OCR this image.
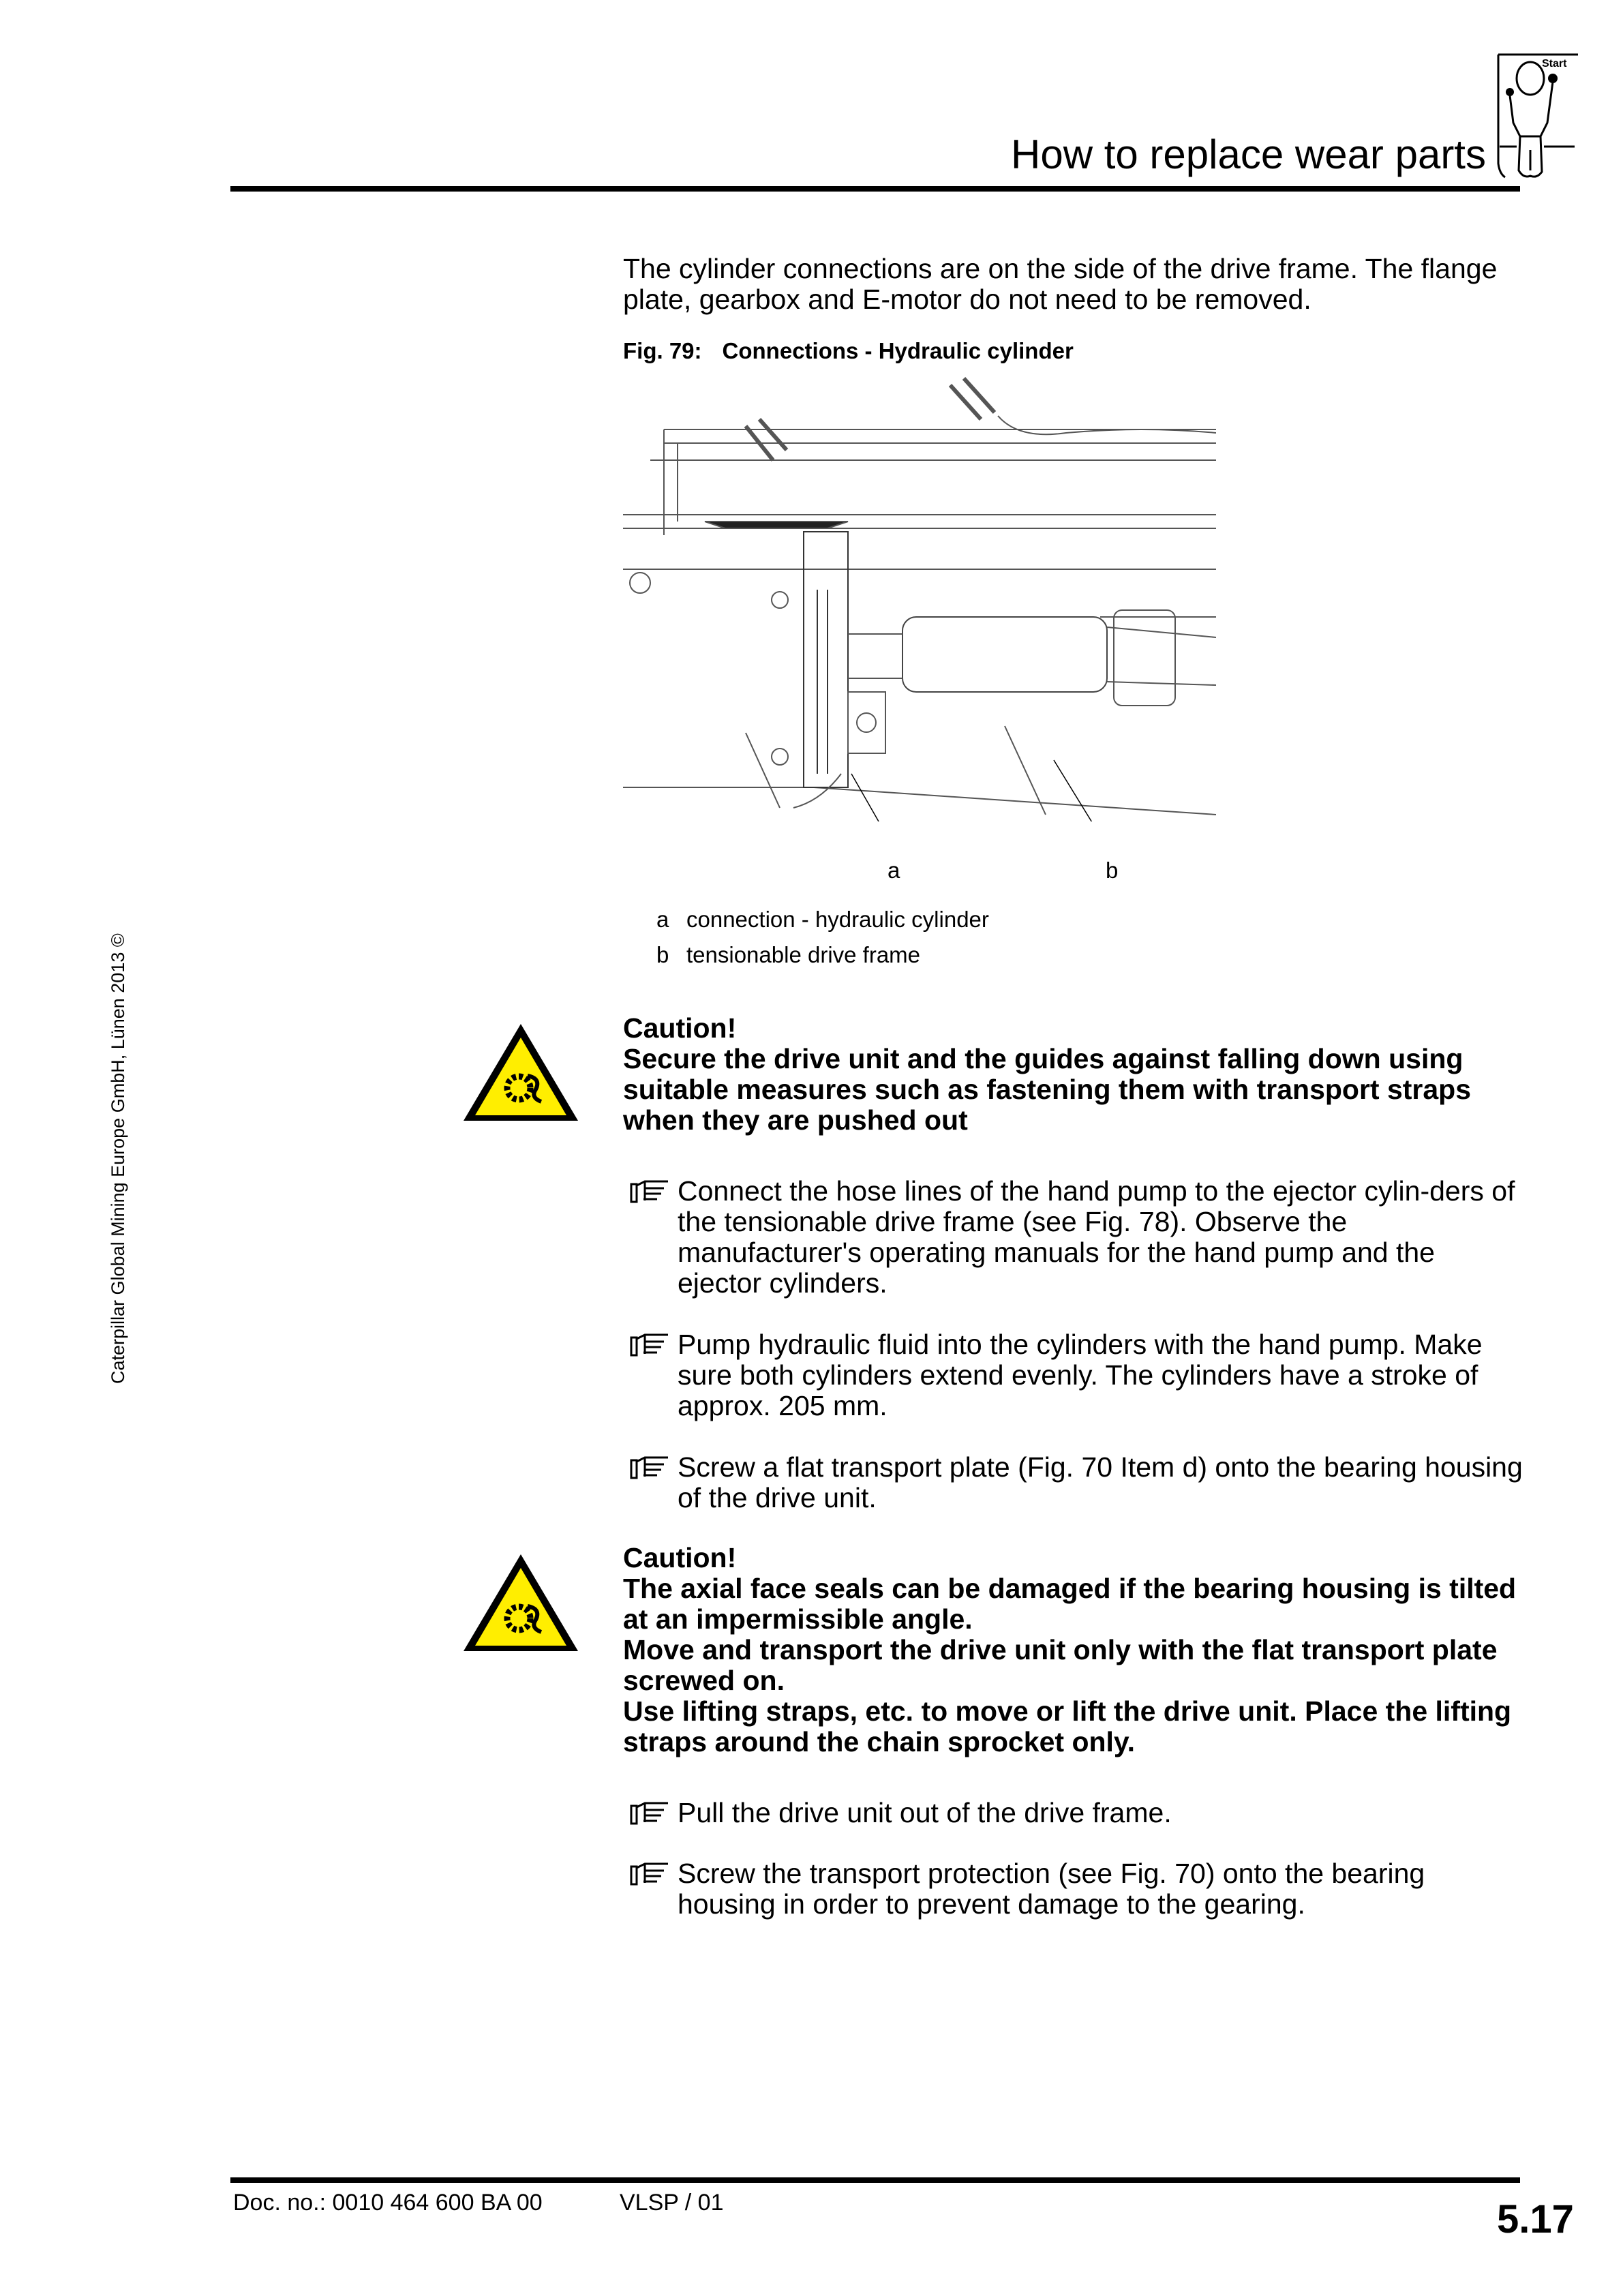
How to replace wear parts
Start
The cylinder connections are on the side of the drive frame. The flange plate, gearbox and E-motor do not need to be removed.
Fig. 79: Connections - Hydraulic cylinder
a	b
a connection - hydraulic cylinder
b tensionable drive frame
Caution!
Secure the drive unit and the guides against falling down using suitable measures such as fastening them with transport straps when they are pushed out
Connect the hose lines of the hand pump to the ejector cylin-ders of the tensionable drive frame (see Fig. 78). Observe the manufacturer's operating manuals for the hand pump and the ejector cylinders.
Pump hydraulic fluid into the cylinders with the hand pump. Make sure both cylinders extend evenly. The cylinders have a stroke of approx. 205 mm.
Screw a flat transport plate (Fig. 70 Item d) onto the bearing housing of the drive unit.
Caution!
The axial face seals can be damaged if the bearing housing is tilted at an impermissible angle.
Move and transport the drive unit only with the flat transport plate screwed on.
Use lifting straps, etc. to move or lift the drive unit. Place the lifting straps around the chain sprocket only.
Pull the drive unit out of the drive frame.
Screw the transport protection (see Fig. 70) onto the bearing housing in order to prevent damage to the gearing.
Caterpillar Global Mining Europe GmbH, Lünen 2013 ©
Doc. no.: 0010 464 600 BA 00	VLSP / 01	5.17
